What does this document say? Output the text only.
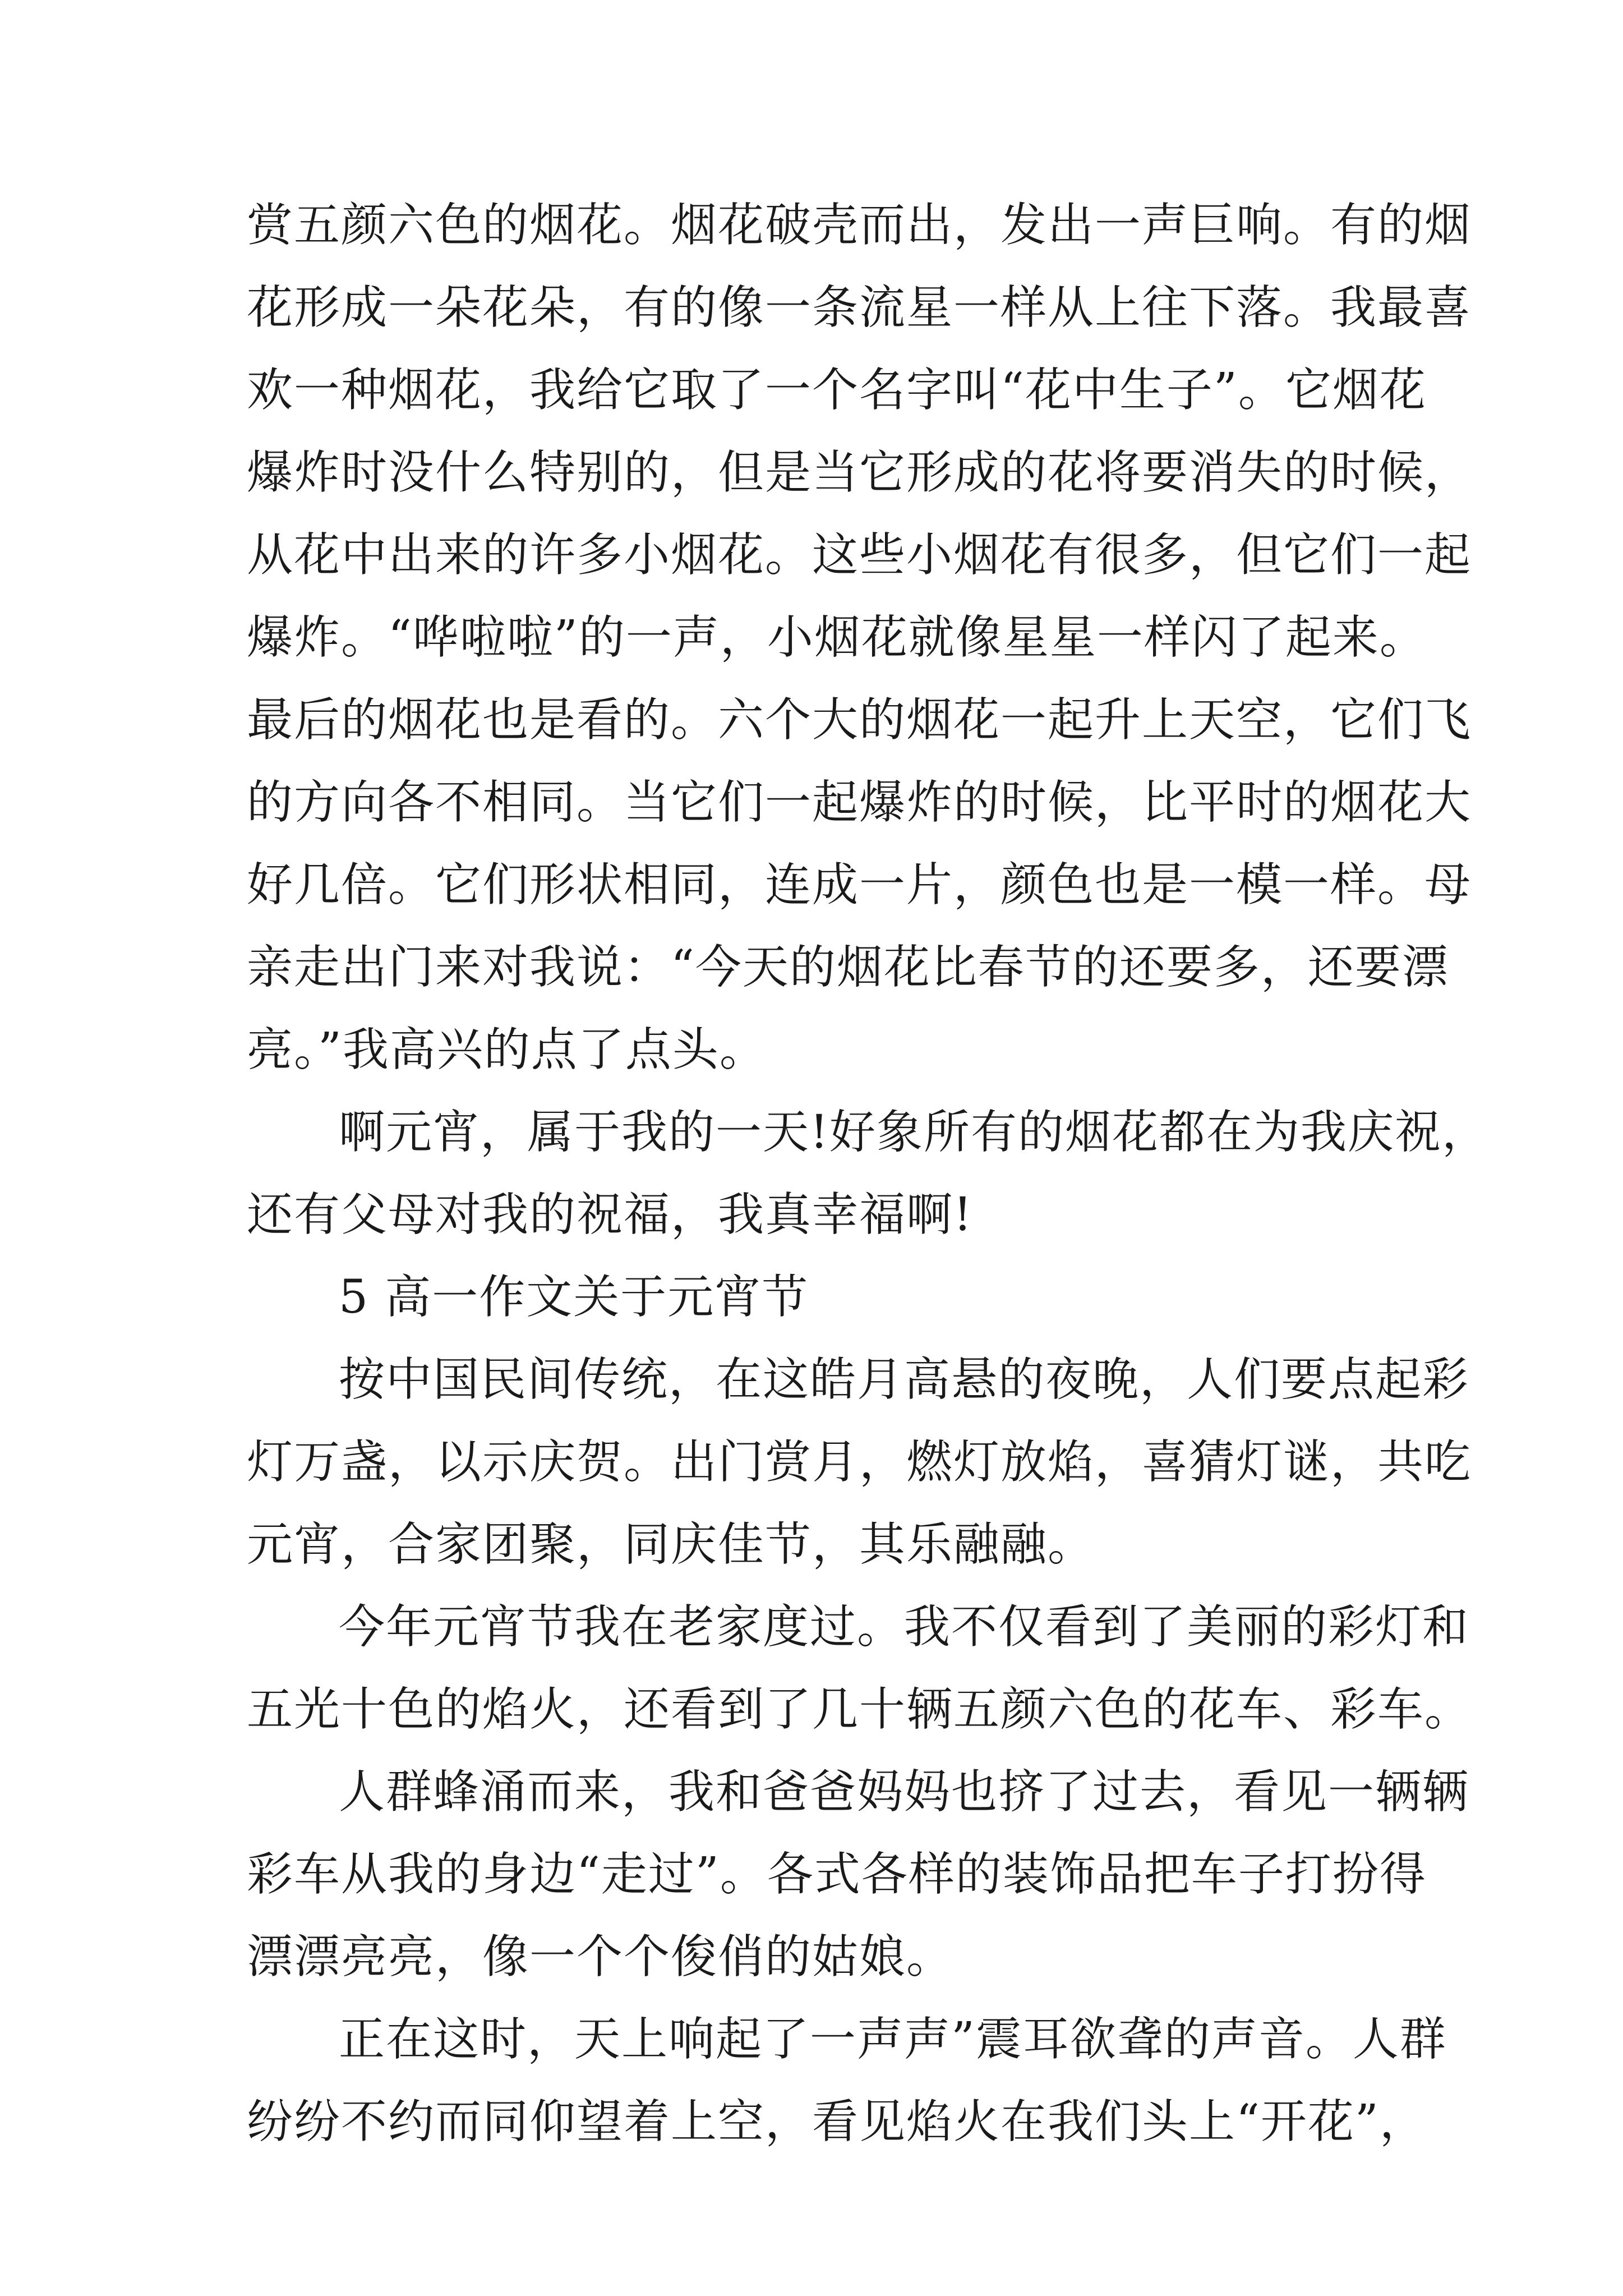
赏五颜六色的烟花。烟花破壳而出，发出一声巨响。有的烟
花形成一朵花朵，有的像一条流星一样从上往下落。我最喜
欢一种烟花，我给它取了一个名字叫“花中生子”。它烟花
爆炸时没什么特别的，但是当它形成的花将要消失的时候，
从花中出来的许多小烟花。这些小烟花有很多，但它们一起
爆炸。“哗啦啦”的一声，小烟花就像星星一样闪了起来。
最后的烟花也是看的。六个大的烟花一起升上天空，它们飞
的方向各不相同。当它们一起爆炸的时候，比平时的烟花大
好几倍。它们形状相同，连成一片，颜色也是一模一样。母
亲走出门来对我说：“今天的烟花比春节的还要多，还要漂
亮。”我高兴的点了点头。
啊元宵，属于我的一天!好象所有的烟花都在为我庆祝，
还有父母对我的祝福，我真幸福啊!
5 高一作文关于元宵节
按中国民间传统，在这皓月高悬的夜晚，人们要点起彩
灯万盏，以示庆贺。出门赏月，燃灯放焰，喜猜灯谜，共吃
元宵，合家团聚，同庆佳节，其乐融融。
今年元宵节我在老家度过。我不仅看到了美丽的彩灯和
五光十色的焰火，还看到了几十辆五颜六色的花车、彩车。
人群蜂涌而来，我和爸爸妈妈也挤了过去，看见一辆辆
彩车从我的身边“走过”。各式各样的装饰品把车子打扮得
漂漂亮亮，像一个个俊俏的姑娘。
正在这时，天上响起了一声声”震耳欲聋的声音。人群
纷纷不约而同仰望着上空，看见焰火在我们头上“开花”，
